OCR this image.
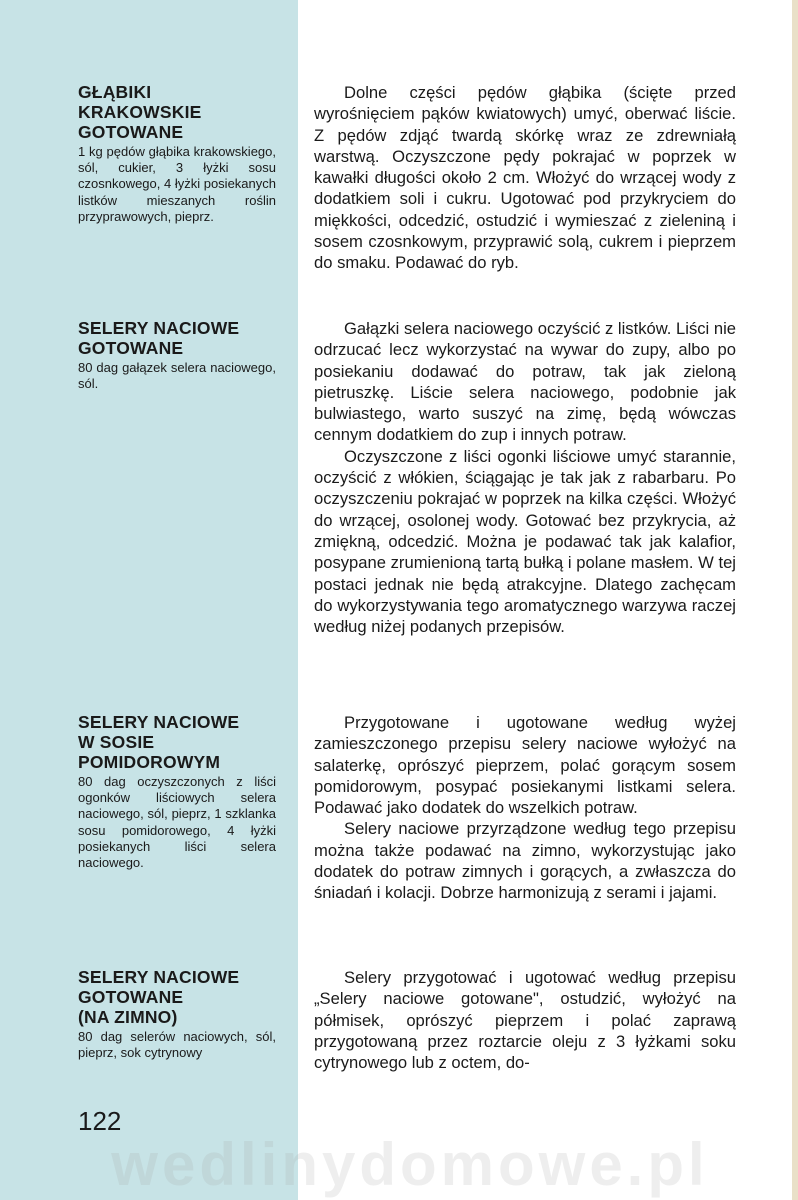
GŁĄBIKI
KRAKOWSKIE
GOTOWANE

1 kg pędów głąbika krakowskiego, sól, cukier, 3 łyżki sosu czosnkowego, 4 łyżki posiekanych listków mieszanych roślin przyprawowych, pieprz.

Dolne części pędów głąbika (ścięte przed wyrośnięciem pąków kwiatowych) umyć, oberwać liście. Z pędów zdjąć twardą skórkę wraz ze zdrewniałą warstwą. Oczyszczone pędy pokrajać w poprzek w kawałki długości około 2 cm. Włożyć do wrzącej wody z dodatkiem soli i cukru. Ugotować pod przykryciem do miękkości, odcedzić, ostudzić i wymieszać z zieleniną i sosem czosnkowym, przyprawić solą, cukrem i pieprzem do smaku. Podawać do ryb.

SELERY NACIOWE
GOTOWANE

80 dag gałązek selera naciowego, sól.

Gałązki selera naciowego oczyścić z listków. Liści nie odrzucać lecz wykorzystać na wywar do zupy, albo po posiekaniu dodawać do potraw, tak jak zieloną pietruszkę. Liście selera naciowego, podobnie jak bulwiastego, warto suszyć na zimę, będą wówczas cennym dodatkiem do zup i innych potraw.

Oczyszczone z liści ogonki liściowe umyć starannie, oczyścić z włókien, ściągając je tak jak z rabarbaru. Po oczyszczeniu pokrajać w poprzek na kilka części. Włożyć do wrzącej, osolonej wody. Gotować bez przykrycia, aż zmiękną, odcedzić. Można je podawać tak jak kalafior, posypane zrumienioną tartą bułką i polane masłem. W tej postaci jednak nie będą atrakcyjne. Dlatego zachęcam do wykorzystywania tego aromatycznego warzywa raczej według niżej podanych przepisów.

SELERY NACIOWE
W SOSIE
POMIDOROWYM

80 dag oczyszczonych z liści ogonków liściowych selera naciowego, sól, pieprz, 1 szklanka sosu pomidorowego, 4 łyżki posiekanych liści selera naciowego.

Przygotowane i ugotowane według wyżej zamieszczonego przepisu selery naciowe wyłożyć na salaterkę, oprószyć pieprzem, polać gorącym sosem pomidorowym, posypać posiekanymi listkami selera. Podawać jako dodatek do wszelkich potraw.

Selery naciowe przyrządzone według tego przepisu można także podawać na zimno, wykorzystując jako dodatek do potraw zimnych i gorących, a zwłaszcza do śniadań i kolacji. Dobrze harmonizują z serami i jajami.

SELERY NACIOWE
GOTOWANE
(NA ZIMNO)

80 dag selerów naciowych, sól, pieprz, sok cytrynowy

Selery przygotować i ugotować według przepisu „Selery naciowe gotowane", ostudzić, wyłożyć na półmisek, oprószyć pieprzem i polać zaprawą przygotowaną przez roztarcie oleju z 3 łyżkami soku cytrynowego lub z octem, do-

122

wedlinydomowe.pl
